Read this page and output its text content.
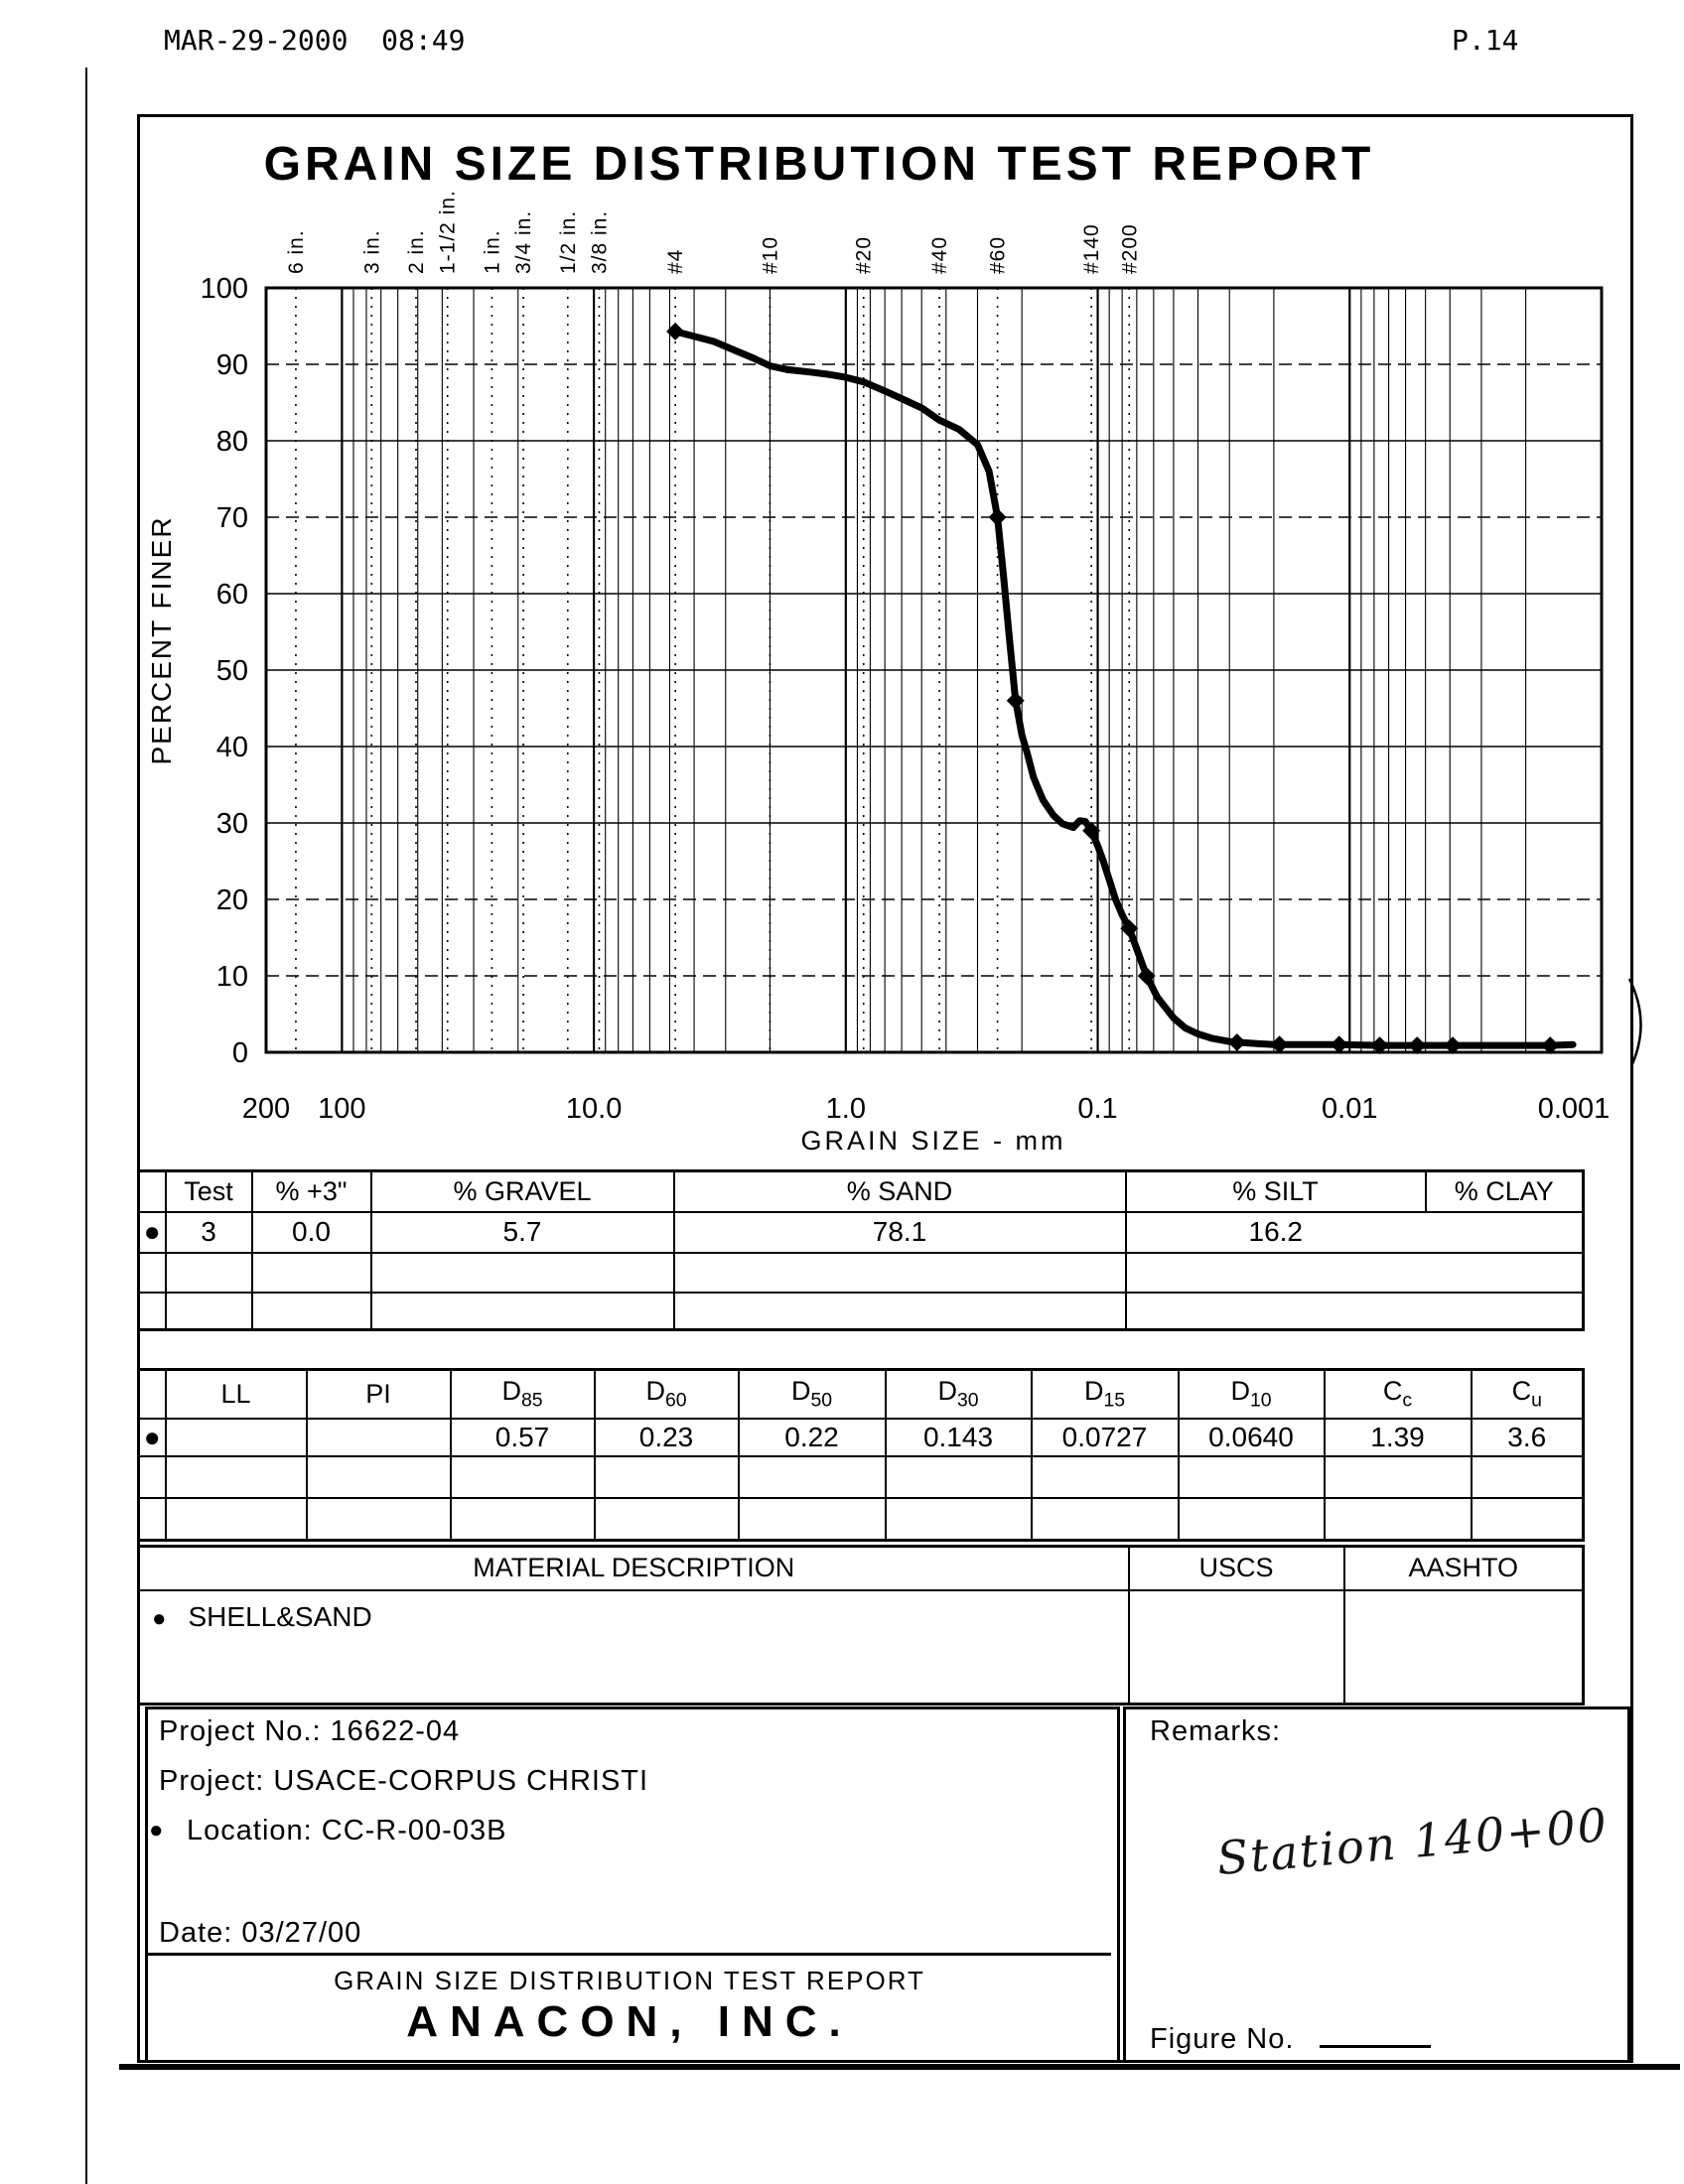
6 in.	3 in. 2 in. 1-1/2 in. 1 in. 3/4 in. 1/2 in. 3/8 in.	#4	#10	#20	#40 #60	#140 #200
100
90
80
70
60
50
40
30
20
10
0
200 100	10.0	1.0	0.1	0.01	0.001
GRAIN SIZE - mm
PERCENT FINER
MAR-29-2000  08:49	P.14
GRAIN SIZE DISTRIBUTION TEST REPORT
	Test	% +3"	% GRAVEL	% SAND	% SILT	% CLAY
●	3	0.0	5.7	78.1	16.2	

	LL	PI	$D_{85}$	$D_{60}$	$D_{50}$	$D_{30}$	$D_{15}$	$D_{10}$	$C_c$	$C_u$
●			0.57	0.23	0.22	0.143	0.0727	0.0640	1.39	3.6

MATERIAL DESCRIPTION	USCS	AASHTO
● SHELL&SAND		
Project No.: 16622-04
Project: USACE-CORPUS CHRISTI
● Location: CC-R-00-03B
Date: 03/27/00
GRAIN SIZE DISTRIBUTION TEST REPORT
ANACON, INC.
Remarks:
Station 140+00
Figure No.
